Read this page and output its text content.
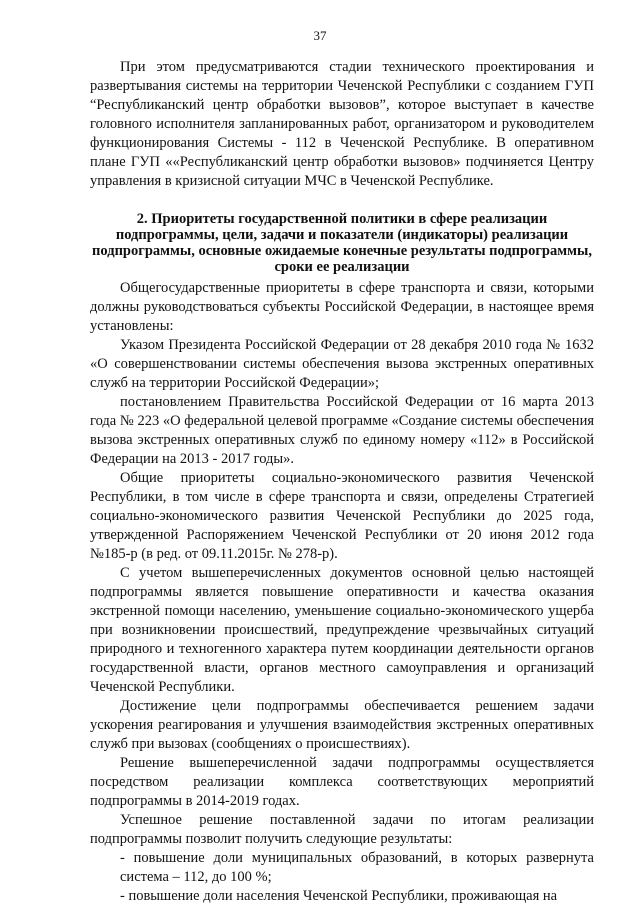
37

При этом предусматриваются стадии технического проектирования и развертывания системы на территории Чеченской Республики с созданием ГУП “Республиканский центр обработки вызовов”, которое выступает в качестве головного исполнителя запланированных работ, организатором и руководителем функционирования Системы - 112 в Чеченской Республике. В оперативном плане ГУП ««Республиканский центр обработки вызовов» подчиняется Центру управления в кризисной ситуации МЧС в Чеченской Республике.

2. Приоритеты государственной политики в сфере реализации подпрограммы, цели, задачи и показатели (индикаторы) реализации подпрограммы, основные ожидаемые конечные результаты подпрограммы, сроки ее реализации

Общегосударственные приоритеты в сфере транспорта и связи, которыми должны руководствоваться субъекты Российской Федерации, в настоящее время установлены:

Указом Президента Российской Федерации от 28 декабря 2010 года № 1632 «О совершенствовании системы обеспечения вызова экстренных оперативных служб на территории Российской Федерации»;

постановлением Правительства Российской Федерации от 16 марта 2013 года № 223 «О федеральной целевой программе «Создание системы обеспечения вызова экстренных оперативных служб по единому номеру «112» в Российской Федерации на 2013 - 2017 годы».

Общие приоритеты социально-экономического развития Чеченской Республики, в том числе в сфере транспорта и связи, определены Стратегией социально-экономического развития Чеченской Республики до 2025 года, утвержденной Распоряжением Чеченской Республики от 20 июня 2012 года №185-р (в ред. от 09.11.2015г. № 278-р).

С учетом вышеперечисленных документов основной целью настоящей подпрограммы является повышение оперативности и качества оказания экстренной помощи населению, уменьшение социально-экономического ущерба при возникновении происшествий, предупреждение чрезвычайных ситуаций природного и техногенного характера путем координации деятельности органов государственной власти, органов местного самоуправления и организаций Чеченской Республики.

Достижение цели подпрограммы обеспечивается решением задачи ускорения реагирования и улучшения взаимодействия экстренных оперативных служб при вызовах (сообщениях о происшествиях).

Решение вышеперечисленной задачи подпрограммы осуществляется посредством реализации комплекса соответствующих мероприятий подпрограммы в 2014-2019 годах.

Успешное решение поставленной задачи по итогам реализации подпрограммы позволит получить следующие результаты:

- повышение доли муниципальных образований, в которых развернута система – 112, до 100 %;

- повышение доли населения Чеченской Республики, проживающая на
